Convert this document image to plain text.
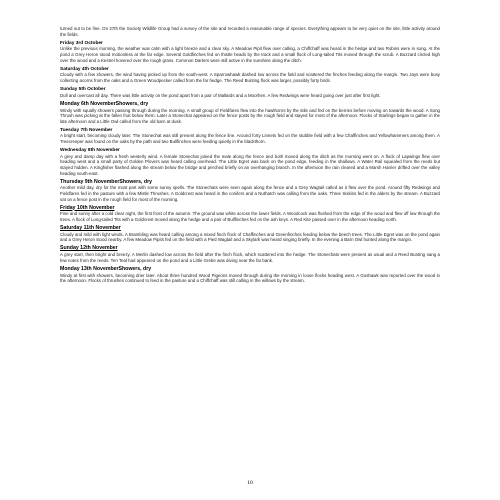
turned out to be fine. On 27th the Society Wildlife Group had a survey of the site and recorded a reasonable range of species. Everything appears to be very quiet on the site, little activity around the fields.

Friday 3rd October

Unlike the previous morning, the weather was calm with a light breeze and a clear sky. A Meadow Pipit flew over calling, a Chiffchaff was heard in the hedge and two Robins were in song. At the pond a Grey Heron stood motionless at the far edge. Several Goldfinches fed on thistle heads by the track and a small flock of Long-tailed Tits moved through the scrub. A Buzzard circled high over the wood and a Kestrel hovered over the rough grass. Common Darters were still active in the sunshine along the ditch.

Saturday 4th October

Cloudy with a few showers, the wind having picked up from the south-west. A Sparrowhawk dashed low across the field and scattered the finches feeding along the margin. Two Jays were busy collecting acorns from the oaks and a Green Woodpecker called from the far hedge. The Reed Bunting flock was larger, possibly forty birds.

Sunday 5th October

Dull and overcast all day. There was little activity on the pond apart from a pair of Mallards and a Moorhen. A few Redwings were heard going over just after first light.

Monday 6th NovemberShowers, dry

Windy with squally showers passing through during the morning. A small group of Fieldfares flew into the hawthorns by the stile and fed on the berries before moving on towards the wood. A Song Thrush was picking at the fallen fruit below them. Later a Stonechat appeared on the fence posts by the rough field and stayed for most of the afternoon. Flocks of Starlings began to gather in the late afternoon and a Little Owl called from the old barn at dusk.

Tuesday 7th November

A bright start, becoming cloudy later. The Stonechat was still present along the fence line. Around forty Linnets fed on the stubble field with a few Chaffinches and Yellowhammers among them. A Treecreeper was found on the oaks by the path and two Bullfinches were feeding quietly in the blackthorn.

Wednesday 8th November

A grey and damp day with a fresh westerly wind. A female Stonechat joined the male along the fence and both moved along the ditch as the morning went on. A flock of Lapwings flew over heading west and a small party of Golden Plovers was heard calling overhead. The Little Egret was back on the pond edge, feeding in the shallows. A Water Rail squealed from the reeds but stayed hidden. A Kingfisher flashed along the stream below the bridge and perched briefly on an overhanging branch. In the afternoon the rain cleared and a Marsh Harrier drifted over the valley heading south-east.

Thursday 9th NovemberShowers, dry

Another mild day, dry for the most part with some sunny spells. The Stonechats were seen again along the fence and a Grey Wagtail called as it flew over the pond. Around fifty Redwings and Fieldfares fed in the pasture with a few Mistle Thrushes. A Goldcrest was heard in the conifers and a Nuthatch was calling from the oaks. Three Siskins fed in the alders by the stream. A Buzzard sat on a fence post in the rough field for most of the morning.

Friday 10th November

Fine and sunny after a cold clear night, the first frost of the autumn. The ground was white across the lower fields. A Woodcock was flushed from the edge of the wood and flew off low through the trees. A flock of Long-tailed Tits with a Goldcrest moved along the hedge and a pair of Bullfinches fed on the ash keys. A Red Kite passed over in the afternoon heading north.

Saturday 11th November

Cloudy and mild with light winds. A Brambling was heard calling among a mixed finch flock of Chaffinches and Greenfinches feeding below the beech trees. The Little Egret was on the pond again and a Grey Heron stood nearby. A few Meadow Pipits fed on the field with a Pied Wagtail and a Skylark was heard singing briefly. In the evening a Barn Owl hunted along the margin.

Sunday 12th November

A grey start, then bright and breezy. A Merlin dashed low across the field after the finch flock, which scattered into the hedge. The Stonechats were present as usual and a Reed Bunting sang a few notes from the reeds. Ten Teal had appeared on the pond and a Little Grebe was diving near the far bank.

Monday 13th NovemberShowers, dry

Windy at first with showers, becoming drier later. About three hundred Wood Pigeons moved through during the morning in loose flocks heading west. A Goshawk was reported over the wood in the afternoon. Flocks of thrushes continued to feed in the pasture and a Chiffchaff was still calling in the willows by the stream.

10
